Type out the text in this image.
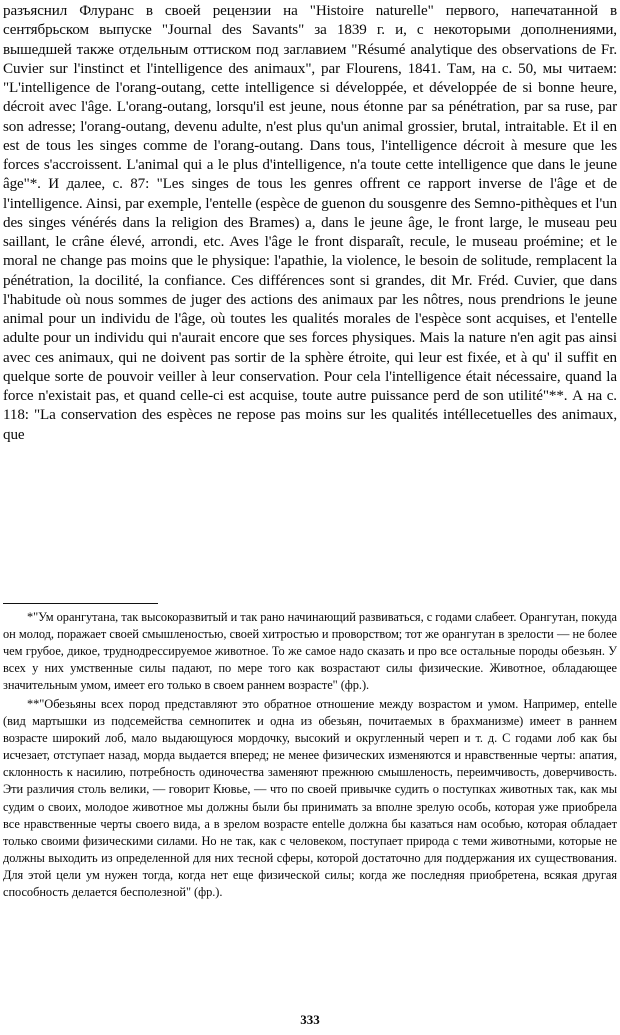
разъяснил Флуранс в своей рецензии на "Histoire naturelle" первого, напечатанной в сентябрьском выпуске "Journal des Savants" за 1839 г. и, с некоторыми дополнениями, вышедшей также отдельным оттиском под заглавием "Résumé analytique des observations de Fr. Cuvier sur l'instinct et l'intelligence des animaux", par Flourens, 1841. Там, на с. 50, мы читаем: "L'intelligence de l'orang-outang, cette intelligence si développée, et développée de si bonne heure, décroit avec l'âge. L'orang-outang, lorsqu'il est jeune, nous étonne par sa pénétration, par sa ruse, par son adresse; l'orang-outang, devenu adulte, n'est plus qu'un animal grossier, brutal, intraitable. Et il en est de tous les singes comme de l'orang-outang. Dans tous, l'intelligence décroit à mesure que les forces s'accroissent. L'animal qui a le plus d'intelligence, n'a toute cette intelligence que dans le jeune âge"*. И далее, с. 87: "Les singes de tous les genres offrent ce rapport inverse de l'âge et de l'intelligence. Ainsi, par exemple, l'entelle (espèce de guenon du sousgenre des Semno-pithèques et l'un des singes vénérés dans la religion des Brames) a, dans le jeune âge, le front large, le museau peu saillant, le crâne élevé, arrondi, etc. Aves l'âge le front disparaît, recule, le museau proémine; et le moral ne change pas moins que le physique: l'apathie, la violence, le besoin de solitude, remplacent la pénétration, la docilité, la confiance. Ces différences sont si grandes, dit Mr. Fréd. Cuvier, que dans l'habitude où nous sommes de juger des actions des animaux par les nôtres, nous prendrions le jeune animal pour un individu de l'âge, où toutes les qualités morales de l'espèce sont acquises, et l'entelle adulte pour un individu qui n'aurait encore que ses forces physiques. Mais la nature n'en agit pas ainsi avec ces animaux, qui ne doivent pas sortir de la sphère étroite, qui leur est fixée, et à qu' il suffit en quelque sorte de pouvoir veiller à leur conservation. Pour cela l'intelligence était nécessaire, quand la force n'existait pas, et quand celle-ci est acquise, toute autre puissance perd de son utilité"**. А на с. 118: "La conservation des espèces ne repose pas moins sur les qualités intéllecetuelles des animaux, que

*"Ум орангутана, так высокоразвитый и так рано начинающий развиваться, с годами слабеет. Орангутан, покуда он молод, поражает своей смышленостью, своей хитростью и проворством; тот же орангутан в зрелости — не более чем грубое, дикое, труднодрессируемое животное. То же самое надо сказать и про все остальные породы обезьян. У всех у них умственные силы падают, по мере того как возрастают силы физические. Животное, обладающее значительным умом, имеет его только в своем раннем возрасте" (фр.).

**"Обезьяны всех пород представляют это обратное отношение между возрастом и умом. Например, entelle (вид мартышки из подсемейства семнопитек и одна из обезьян, почитаемых в брахманизме) имеет в раннем возрасте широкий лоб, мало выдающуюся мордочку, высокий и округленный череп и т. д. С годами лоб как бы исчезает, отступает назад, морда выдается вперед; не менее физических изменяются и нравственные черты: апатия, склонность к насилию, потребность одиночества заменяют прежнюю смышленость, переимчивость, доверчивость. Эти различия столь велики, — говорит Кювье, — что по своей привычке судить о поступках животных так, как мы судим о своих, молодое животное мы должны были бы принимать за вполне зрелую особь, которая уже приобрела все нравственные черты своего вида, а в зрелом возрасте entelle должна бы казаться нам особью, которая обладает только своими физическими силами. Но не так, как с человеком, поступает природа с теми животными, которые не должны выходить из определенной для них тесной сферы, которой достаточно для поддержания их существования. Для этой цели ум нужен тогда, когда нет еще физической силы; когда же последняя приобретена, всякая другая способность делается бесполезной" (фр.).

333
